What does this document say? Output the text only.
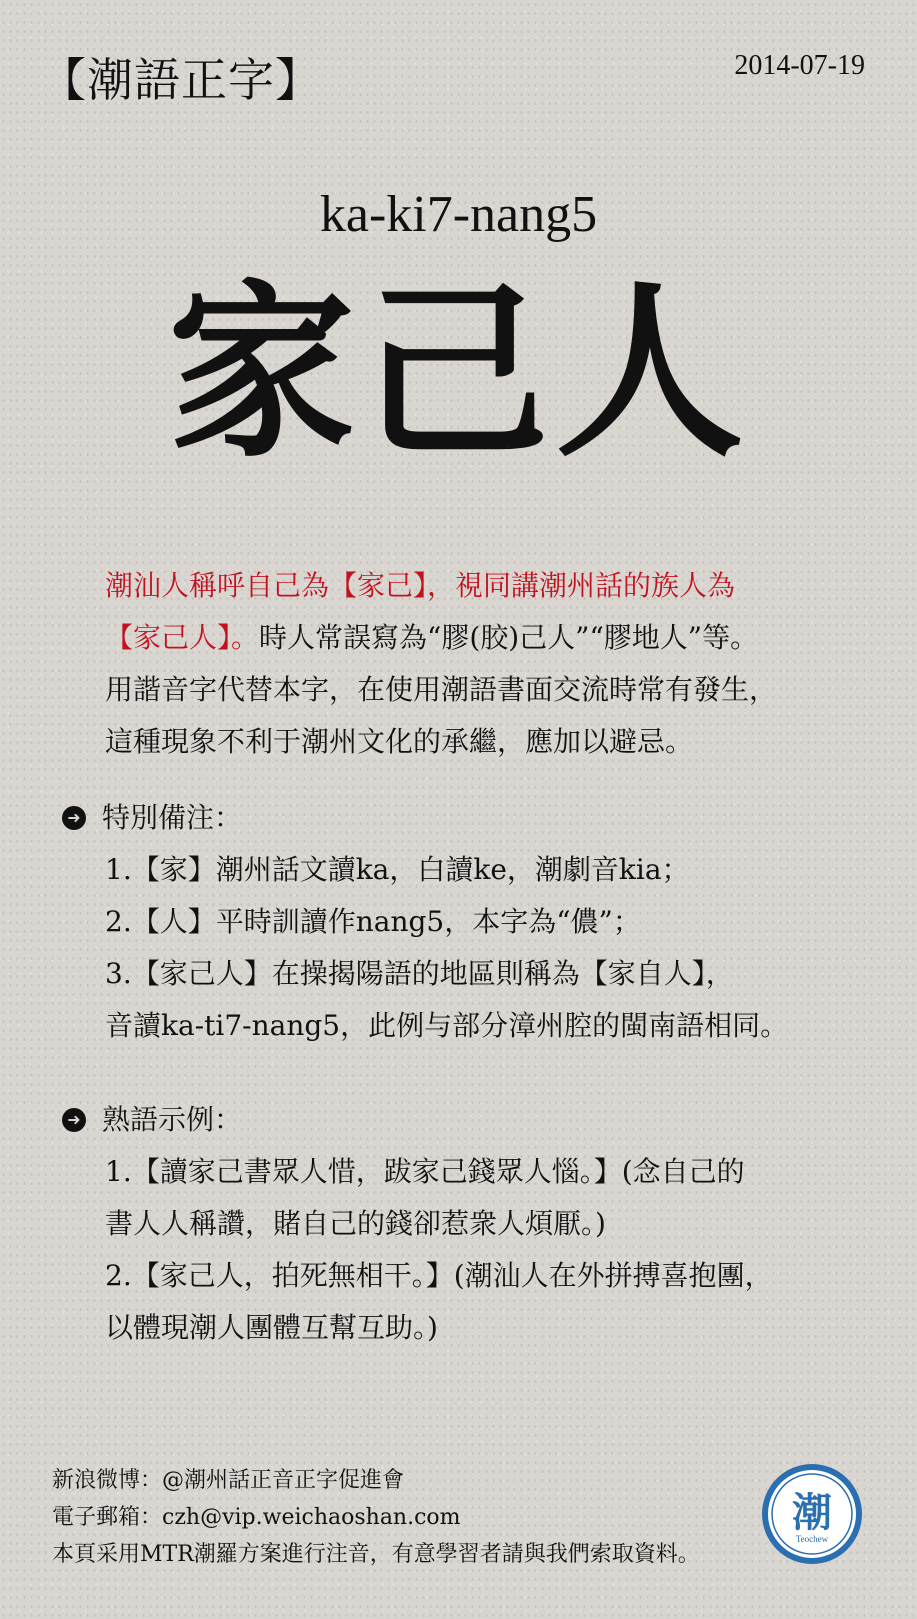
【潮語正字】	2014-07-19
ka-ki7-nang5
家己人

潮汕人稱呼自己為【家己】，視同講潮州話的族人為

【家己人】。時人常誤寫為“膠(胶)己人”“膠地人”等。

用諧音字代替本字，在使用潮語書面交流時常有發生，

這種現象不利于潮州文化的承繼，應加以避忌。

➜ 特別備注：

1.【家】潮州話文讀ka，白讀ke，潮劇音kia；

2.【人】平時訓讀作nang5，本字為“儂”；

3.【家己人】在操揭陽語的地區則稱為【家自人】，

音讀ka-ti7-nang5，此例与部分漳州腔的閩南語相同。

➜ 熟語示例：

1.【讀家己書眾人惜，跋家己錢眾人惱。】(念自己的

書人人稱讚，賭自己的錢卻惹衆人煩厭。)

2.【家己人，拍死無相干。】(潮汕人在外拼搏喜抱團，

以體現潮人團體互幫互助。)

新浪微博：@潮州話正音正字促進會

電子郵箱：czh@vip.weichaoshan.com

本頁采用MTR潮羅方案進行注音，有意學習者請與我們索取資料。

潮
Teochew
